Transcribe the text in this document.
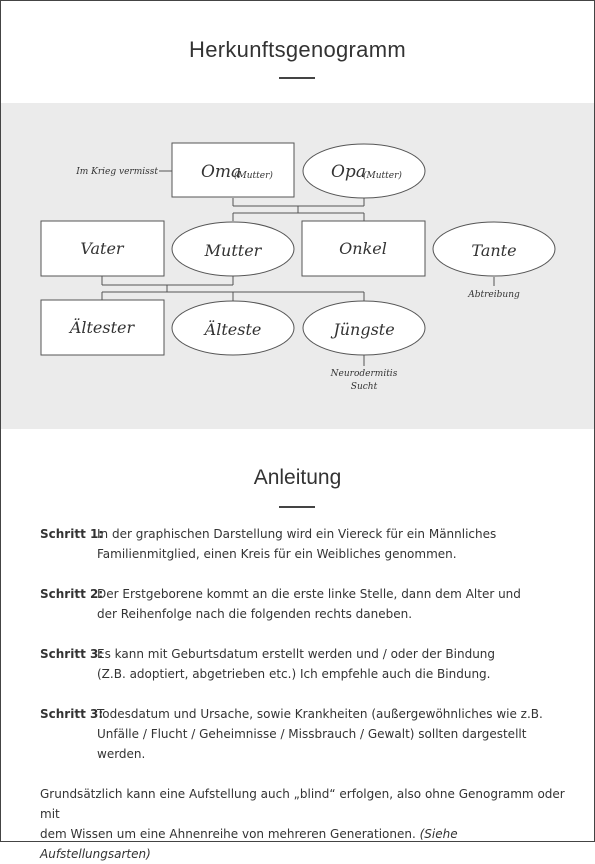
Herkunftsgenogramm
Oma
(Mutter)
Im Krieg vermisst	Opa
(Mutter)
Vater	Mutter	Onkel	Tante
Abtreibung
Ältester	Älteste	Jüngste
Neurodermitis
Sucht
Anleitung
Schritt 1:
In der graphischen Darstellung wird ein Viereck für ein Männliches
Familienmitglied, einen Kreis für ein Weibliches genommen.
Schritt 2:
Der Erstgeborene kommt an die erste linke Stelle, dann dem Alter und
der Reihenfolge nach die folgenden rechts daneben.
Schritt 3:
Es kann mit Geburtsdatum erstellt werden und / oder der Bindung
(Z.B. adoptiert, abgetrieben etc.) Ich empfehle auch die Bindung.
Schritt 3:
Todesdatum und Ursache, sowie Krankheiten (außergewöhnliches wie z.B.
Unfälle / Flucht / Geheimnisse / Missbrauch / Gewalt) sollten dargestellt werden.
Grundsätzlich kann eine Aufstellung auch „blind“ erfolgen, also ohne Genogramm oder mit
dem Wissen um eine Ahnenreihe von mehreren Generationen. (Siehe Aufstellungsarten)
